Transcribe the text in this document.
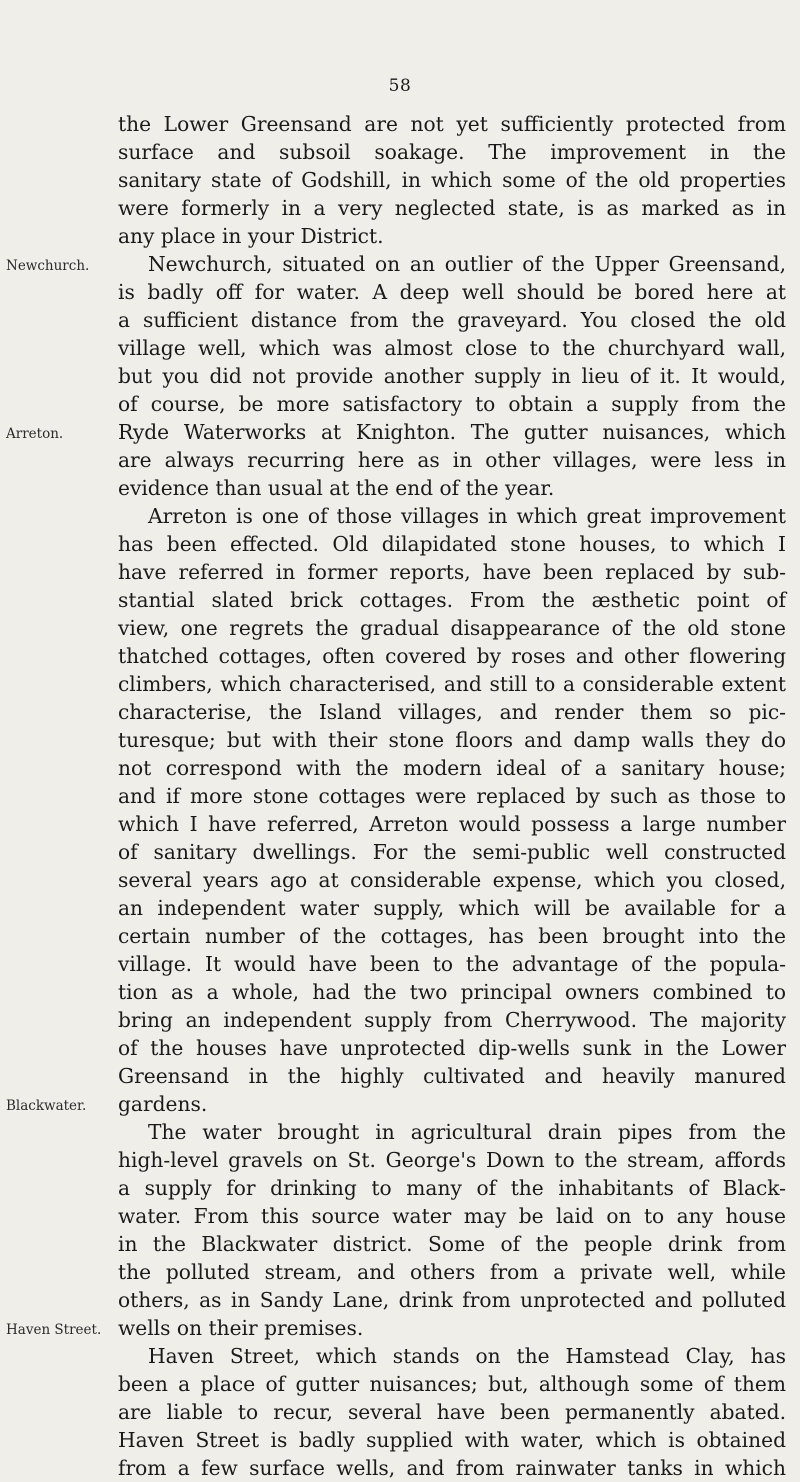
58
Newchurch.
Arreton.
Blackwater.
Haven Street.
the Lower Greensand are not yet sufficiently protected from
surface and subsoil soakage. The improvement in the
sanitary state of Godshill, in which some of the old properties
were formerly in a very neglected state, is as marked as in
any place in your District.
Newchurch, situated on an outlier of the Upper Greensand,
is badly off for water. A deep well should be bored here at
a sufficient distance from the graveyard. You closed the old
village well, which was almost close to the churchyard wall,
but you did not provide another supply in lieu of it. It would,
of course, be more satisfactory to obtain a supply from the
Ryde Waterworks at Knighton. The gutter nuisances, which
are always recurring here as in other villages, were less in
evidence than usual at the end of the year.
Arreton is one of those villages in which great improvement
has been effected. Old dilapidated stone houses, to which I
have referred in former reports, have been replaced by sub-
stantial slated brick cottages. From the æsthetic point of
view, one regrets the gradual disappearance of the old stone
thatched cottages, often covered by roses and other flowering
climbers, which characterised, and still to a considerable extent
characterise, the Island villages, and render them so pic-
turesque; but with their stone floors and damp walls they do
not correspond with the modern ideal of a sanitary house;
and if more stone cottages were replaced by such as those to
which I have referred, Arreton would possess a large number
of sanitary dwellings. For the semi-public well constructed
several years ago at considerable expense, which you closed,
an independent water supply, which will be available for a
certain number of the cottages, has been brought into the
village. It would have been to the advantage of the popula-
tion as a whole, had the two principal owners combined to
bring an independent supply from Cherrywood. The majority
of the houses have unprotected dip-wells sunk in the Lower
Greensand in the highly cultivated and heavily manured
gardens.
The water brought in agricultural drain pipes from the
high-level gravels on St. George's Down to the stream, affords
a supply for drinking to many of the inhabitants of Black-
water. From this source water may be laid on to any house
in the Blackwater district. Some of the people drink from
the polluted stream, and others from a private well, while
others, as in Sandy Lane, drink from unprotected and polluted
wells on their premises.
Haven Street, which stands on the Hamstead Clay, has
been a place of gutter nuisances; but, although some of them
are liable to recur, several have been permanently abated.
Haven Street is badly supplied with water, which is obtained
from a few surface wells, and from rainwater tanks in which
